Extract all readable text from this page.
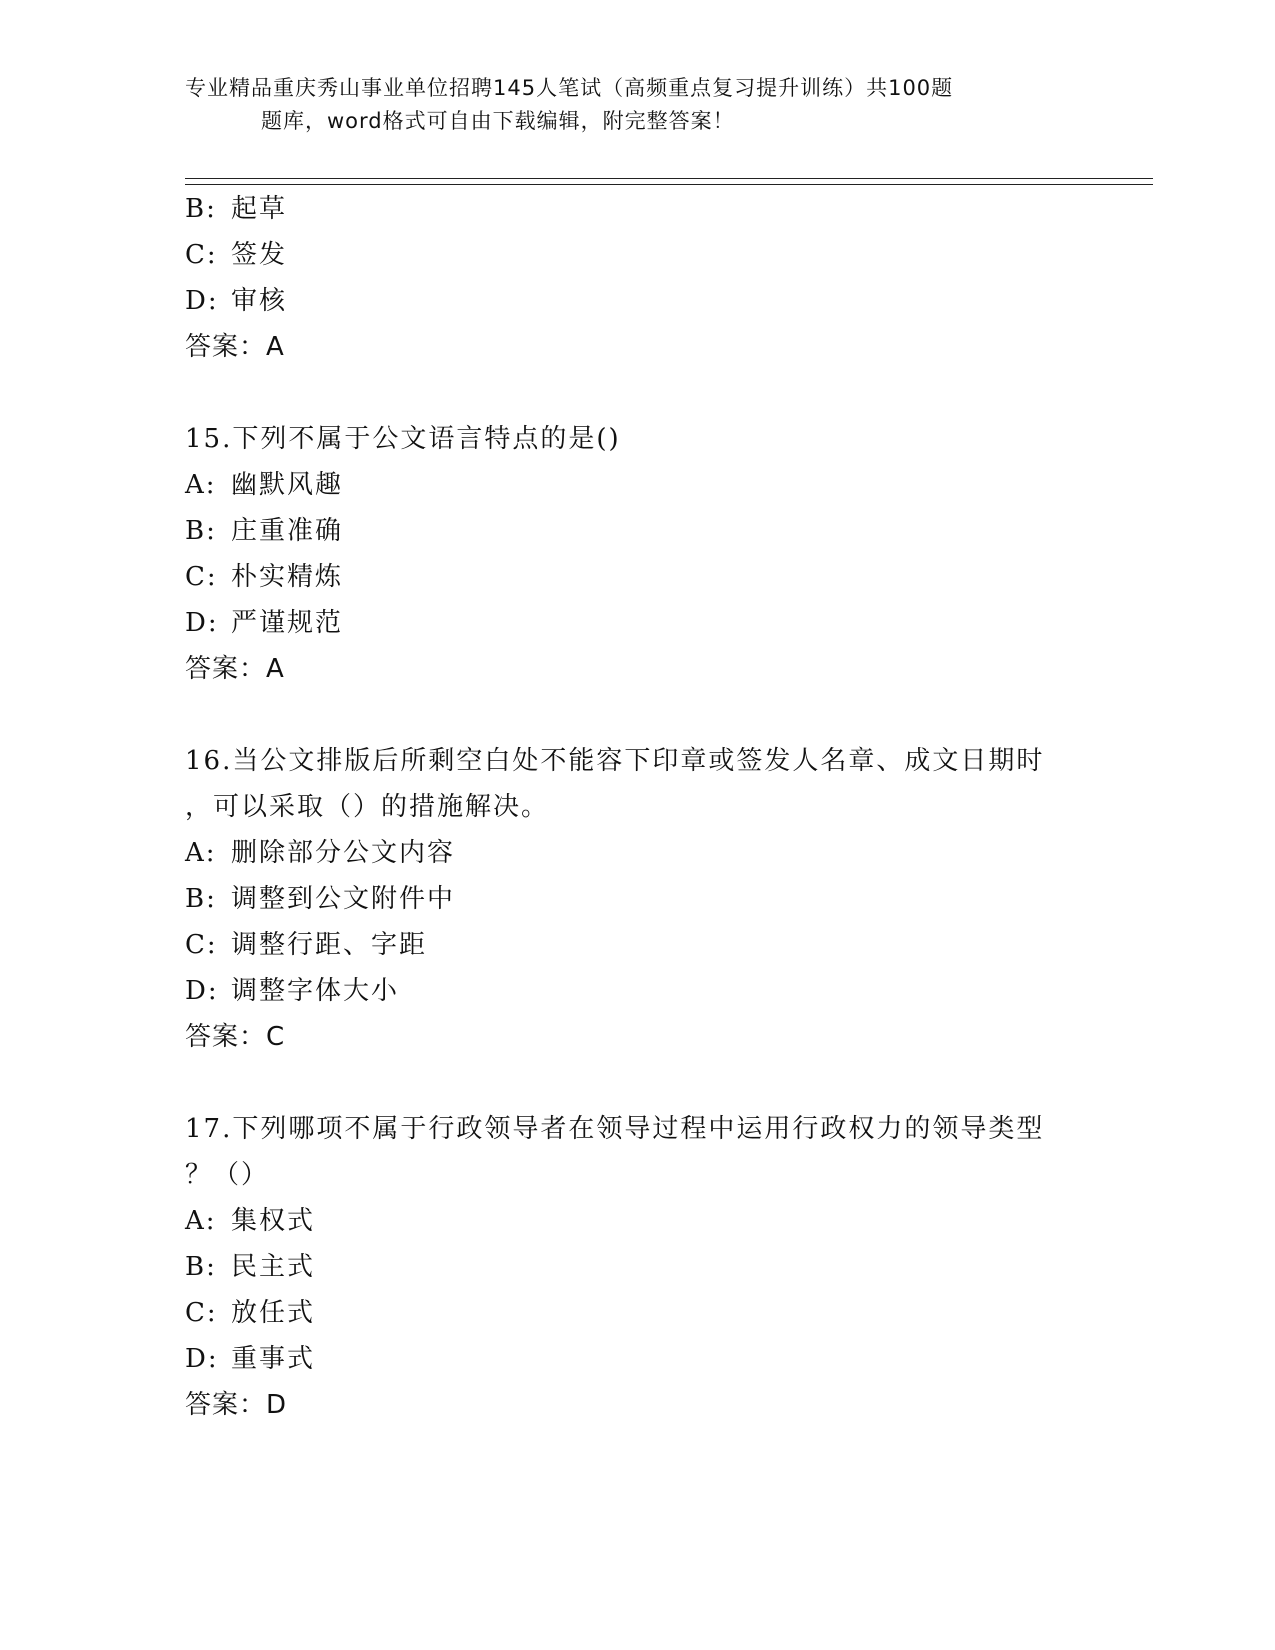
专业精品重庆秀山事业单位招聘145人笔试（高频重点复习提升训练）共100题
题库，word格式可自由下载编辑，附完整答案！
B: 起草
C: 签发
D: 审核
答案：A
15.下列不属于公文语言特点的是()
A: 幽默风趣
B: 庄重准确
C: 朴实精炼
D: 严谨规范
答案：A
16.当公文排版后所剩空白处不能容下印章或签发人名章、成文日期时
，可以采取（）的措施解决。
A: 删除部分公文内容
B: 调整到公文附件中
C: 调整行距、字距
D: 调整字体大小
答案：C
17.下列哪项不属于行政领导者在领导过程中运用行政权力的领导类型
？（）
A: 集权式
B: 民主式
C: 放任式
D: 重事式
答案：D
